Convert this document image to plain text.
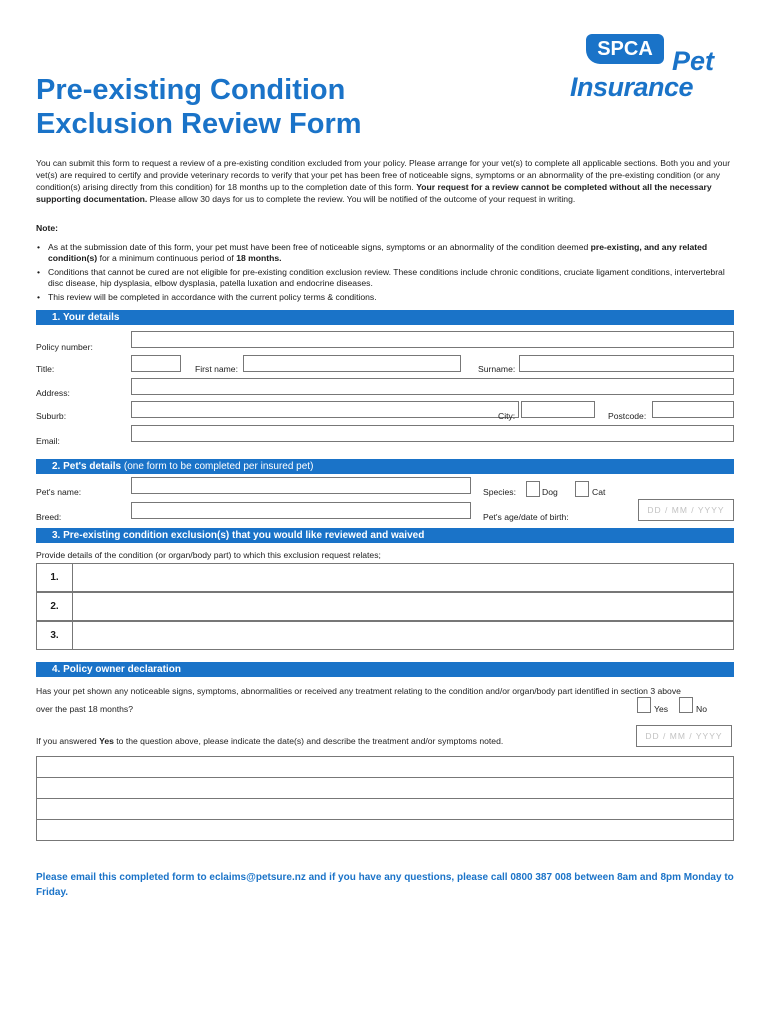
Pre-existing Condition
Exclusion Review Form
SPCA Pet
Insurance
You can submit this form to request a review of a pre-existing condition excluded from your policy. Please arrange for your vet(s) to complete all applicable sections. Both you and your vet(s) are required to certify and provide veterinary records to verify that your pet has been free of noticeable signs, symptoms or an abnormality of the pre-existing condition (or any condition(s) arising directly from this condition) for 18 months up to the completion date of this form. Your request for a review cannot be completed without all the necessary supporting documentation. Please allow 30 days for us to complete the review. You will be notified of the outcome of your request in writing.
Note:
• As at the submission date of this form, your pet must have been free of noticeable signs, symptoms or an abnormality of the condition deemed pre-existing, and any related condition(s) for a minimum continuous period of 18 months.
• Conditions that cannot be cured are not eligible for pre-existing condition exclusion review. These conditions include chronic conditions, cruciate ligament conditions, intervertebral disc disease, hip dysplasia, elbow dysplasia, patella luxation and endocrine diseases.
• This review will be completed in accordance with the current policy terms & conditions.
1. Your details
Policy number:
Title:	First name:	Surname:
Address:
Suburb:	City:	Postcode:
Email:
2. Pet's details (one form to be completed per insured pet)
Pet's name:	Species:	Dog	Cat
Breed:	Pet's age/date of birth:
DD / MM / YYYY
3. Pre-existing condition exclusion(s) that you would like reviewed and waived
Provide details of the condition (or organ/body part) to which this exclusion request relates;
1.
2.
3.
4. Policy owner declaration
Has your pet shown any noticeable signs, symptoms, abnormalities or received any treatment relating to the condition and/or organ/body part identified in section 3 above
over the past 18 months?	Yes	No
If you answered Yes to the question above, please indicate the date(s) and describe the treatment and/or symptoms noted.	DD / MM / YYYY
Please email this completed form to eclaims@petsure.nz and if you have any questions, please call 0800 387 008 between 8am and 8pm Monday to Friday.
